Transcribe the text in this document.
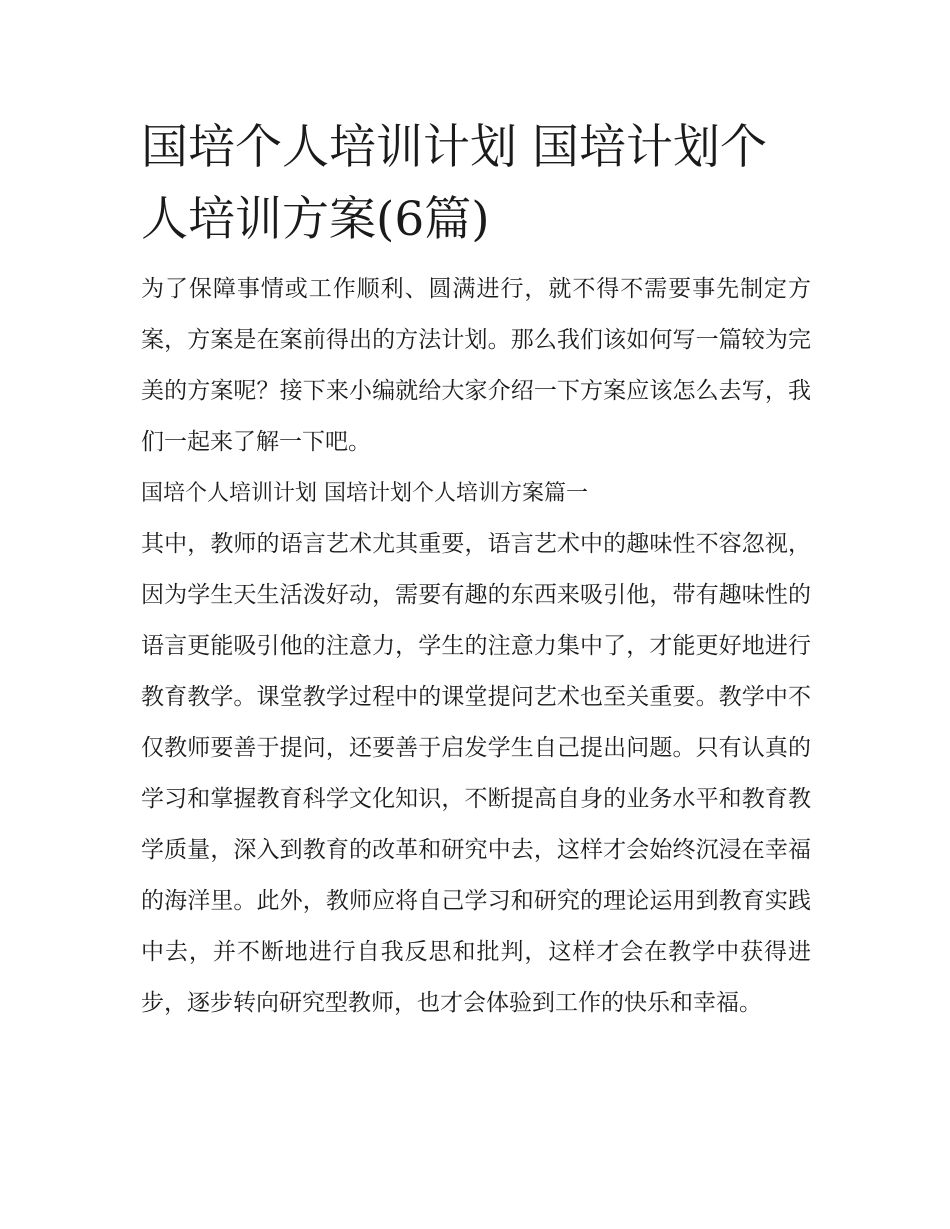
国培个人培训计划 国培计划个人培训方案(6篇)

为了保障事情或工作顺利、圆满进行，就不得不需要事先制定方案，方案是在案前得出的方法计划。那么我们该如何写一篇较为完美的方案呢？接下来小编就给大家介绍一下方案应该怎么去写，我们一起来了解一下吧。

国培个人培训计划 国培计划个人培训方案篇一

其中，教师的语言艺术尤其重要，语言艺术中的趣味性不容忽视，因为学生天生活泼好动，需要有趣的东西来吸引他，带有趣味性的语言更能吸引他的注意力，学生的注意力集中了，才能更好地进行教育教学。课堂教学过程中的课堂提问艺术也至关重要。教学中不仅教师要善于提问，还要善于启发学生自己提出问题。只有认真的学习和掌握教育科学文化知识，不断提高自身的业务水平和教育教学质量，深入到教育的改革和研究中去，这样才会始终沉浸在幸福的海洋里。此外，教师应将自己学习和研究的理论运用到教育实践中去，并不断地进行自我反思和批判，这样才会在教学中获得进步，逐步转向研究型教师，也才会体验到工作的快乐和幸福。
